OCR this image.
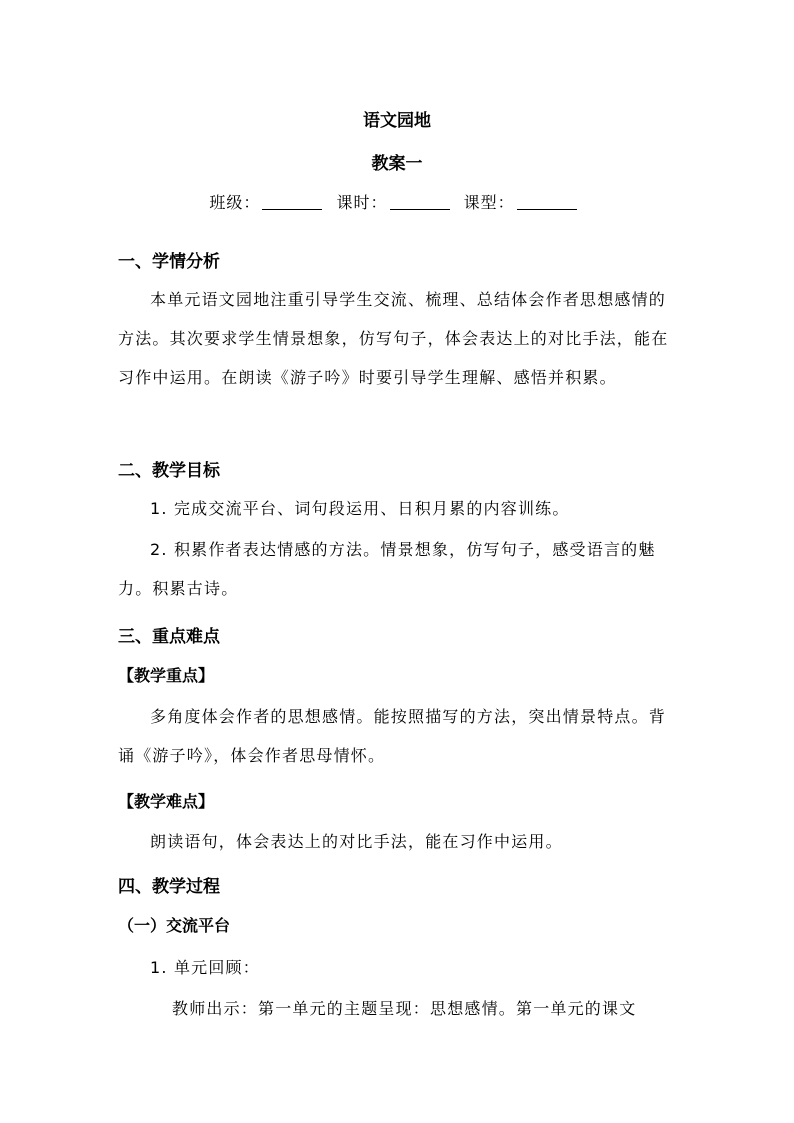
语文园地
教案一
班级：	课时：	课型：
一、学情分析
本单元语文园地注重引导学生交流、梳理、总结体会作者思想感情的方法。其次要求学生情景想象，仿写句子，体会表达上的对比手法，能在习作中运用。在朗读《游子吟》时要引导学生理解、感悟并积累。
二、教学目标
1. 完成交流平台、词句段运用、日积月累的内容训练。
2. 积累作者表达情感的方法。情景想象，仿写句子，感受语言的魅力。积累古诗。
三、重点难点
【教学重点】
多角度体会作者的思想感情。能按照描写的方法，突出情景特点。背诵《游子吟》，体会作者思母情怀。
【教学难点】
朗读语句，体会表达上的对比手法，能在习作中运用。
四、教学过程
（一）交流平台
1. 单元回顾：
教师出示：第一单元的主题呈现：思想感情。第一单元的课文
